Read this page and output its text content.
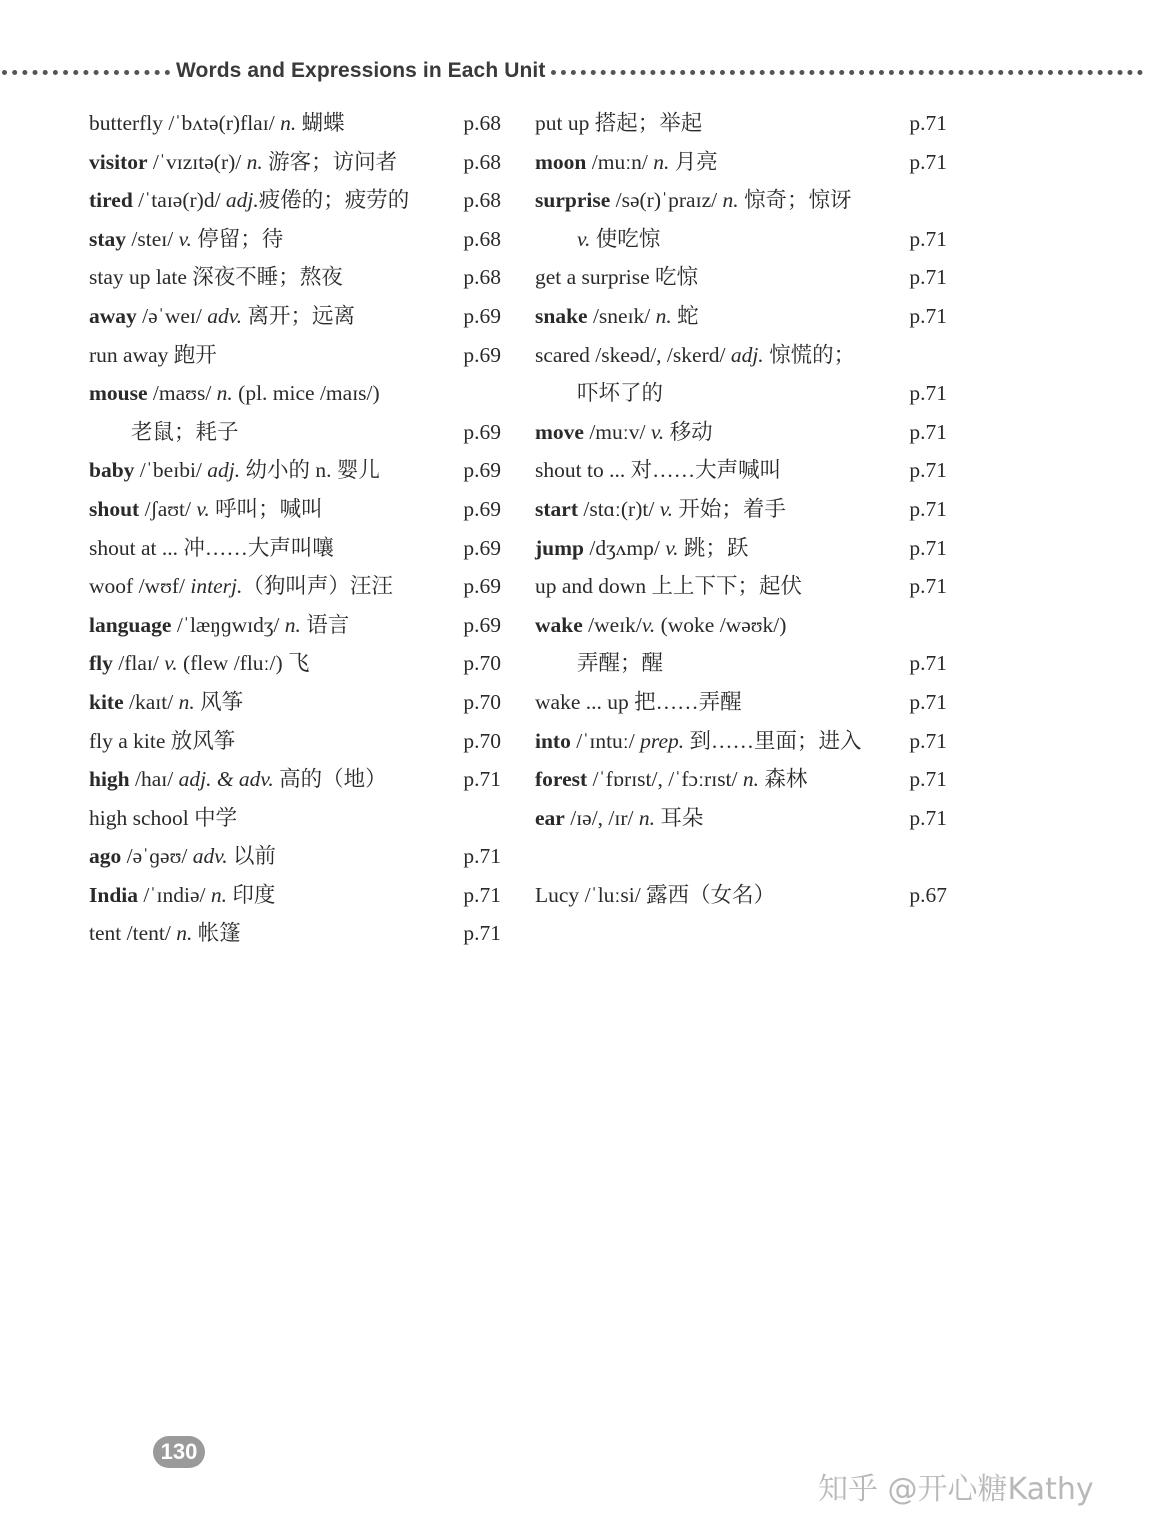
Words and Expressions in Each Unit
butterfly /ˈbʌtə(r)flaɪ/ n. 蝴蝶	p.68
visitor /ˈvɪzɪtə(r)/ n. 游客；访问者	p.68
tired /ˈtaɪə(r)d/ adj.疲倦的；疲劳的	p.68
stay /steɪ/ v. 停留；待	p.68
stay up late 深夜不睡；熬夜	p.68
away /əˈweɪ/ adv. 离开；远离	p.69
run away 跑开	p.69
mouse /maʊs/ n. (pl. mice /maɪs/)
老鼠；耗子	p.69
baby /ˈbeɪbi/ adj. 幼小的 n. 婴儿	p.69
shout /ʃaʊt/ v. 呼叫；喊叫	p.69
shout at ... 冲……大声叫嚷	p.69
woof /wʊf/ interj.（狗叫声）汪汪	p.69
language /ˈlæŋɡwɪdʒ/ n. 语言	p.69
fly /flaɪ/ v. (flew /fluː/) 飞	p.70
kite /kaɪt/ n. 风筝	p.70
fly a kite 放风筝	p.70
high /haɪ/ adj. & adv. 高的（地）	p.71
high school 中学
ago /əˈɡəʊ/ adv. 以前	p.71
India /ˈɪndiə/ n. 印度	p.71
tent /tent/ n. 帐篷	p.71
put up 搭起；举起	p.71
moon /muːn/ n. 月亮	p.71
surprise /sə(r)ˈpraɪz/ n. 惊奇；惊讶
v. 使吃惊	p.71
get a surprise 吃惊	p.71
snake /sneɪk/ n. 蛇	p.71
scared /skeəd/, /skerd/ adj. 惊慌的；
吓坏了的	p.71
move /muːv/ v. 移动	p.71
shout to ... 对……大声喊叫	p.71
start /stɑː(r)t/ v. 开始；着手	p.71
jump /dʒʌmp/ v. 跳；跃	p.71
up and down 上上下下；起伏	p.71
wake /weɪk/v. (woke /wəʊk/)
弄醒；醒	p.71
wake ... up 把……弄醒	p.71
into /ˈɪntuː/ prep. 到……里面；进入 p.71
forest /ˈfɒrɪst/, /ˈfɔːrɪst/ n. 森林	p.71
ear /ɪə/, /ɪr/ n. 耳朵	p.71
Lucy /ˈluːsi/ 露西（女名）	p.67
130
知乎 @开心糖Kathy
